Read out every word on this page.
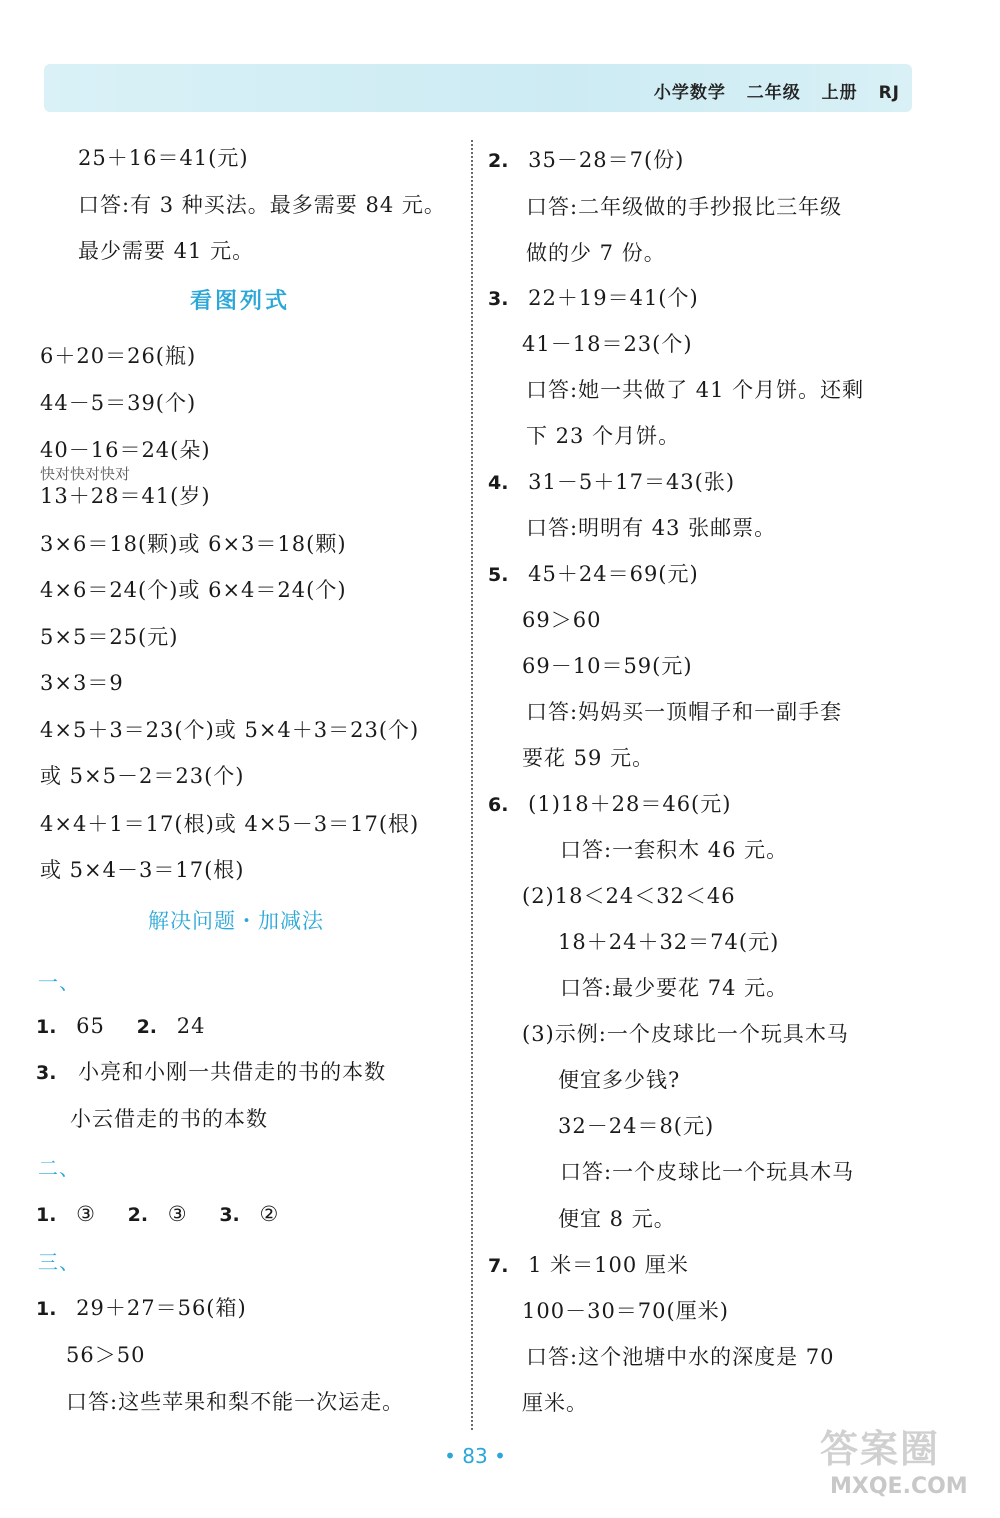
小学数学 二年级 上册 RJ
25＋16＝41(元)
口答:有 3 种买法。最多需要 84 元。
最少需要 41 元。
看图列式
6＋20＝26(瓶)
44－5＝39(个)
40－16＝24(朵)
13＋28＝41(岁)
3×6＝18(颗)或 6×3＝18(颗)
4×6＝24(个)或 6×4＝24(个)
5×5＝25(元)
3×3＝9
4×5＋3＝23(个)或 5×4＋3＝23(个)
或 5×5－2＝23(个)
4×4＋1＝17(根)或 4×5－3＝17(根)
或 5×4－3＝17(根)
快对快对快对
解决问题・加减法
一、
1. 65 2. 24
3. 小亮和小刚一共借走的书的本数
小云借走的书的本数
二、
1. ③ 2. ③ 3. ②
三、
1. 29＋27＝56(箱)
56＞50
口答:这些苹果和梨不能一次运走。
2. 35－28＝7(份)
口答:二年级做的手抄报比三年级
做的少 7 份。
3. 22＋19＝41(个)
41－18＝23(个)
口答:她一共做了 41 个月饼。还剩
下 23 个月饼。
4. 31－5＋17＝43(张)
口答:明明有 43 张邮票。
5. 45＋24＝69(元)
69＞60
69－10＝59(元)
口答:妈妈买一顶帽子和一副手套
要花 59 元。
6. (1)18＋28＝46(元)
口答:一套积木 46 元。
(2)18＜24＜32＜46
18＋24＋32＝74(元)
口答:最少要花 74 元。
(3)示例:一个皮球比一个玩具木马
便宜多少钱?
32－24＝8(元)
口答:一个皮球比一个玩具木马
便宜 8 元。
7. 1 米＝100 厘米
100－30＝70(厘米)
口答:这个池塘中水的深度是 70
厘米。
• 83 •	答案圈
MXQE.COM
